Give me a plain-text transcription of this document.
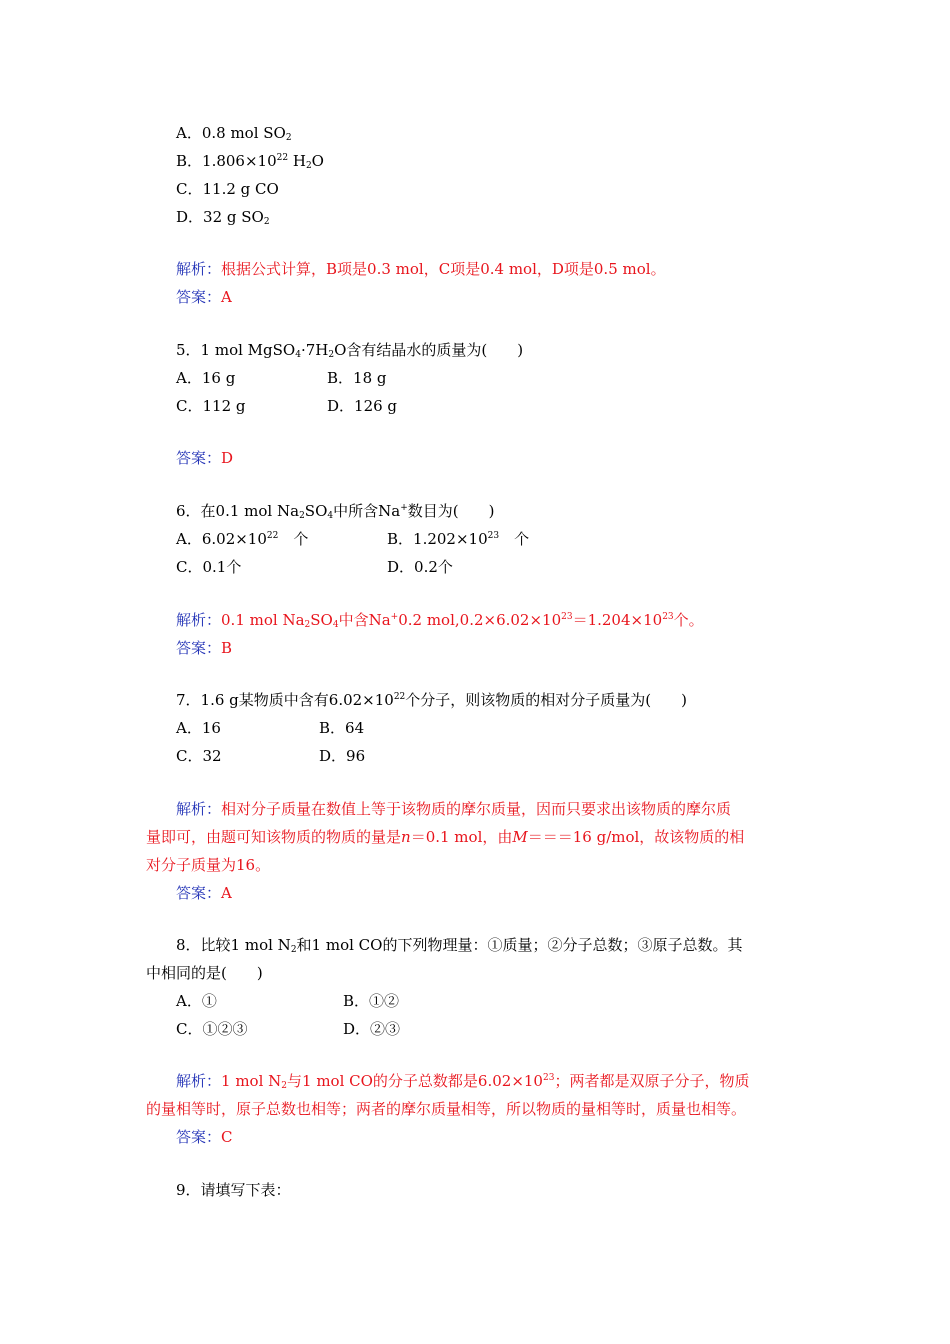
A．0.8 mol $SO_2$
B．$1.806\times 10^{22}$ $H_2O$
C．11.2 g CO
D．32 g $SO_2$
解析：根据公式计算，B项是0.3 mol，C项是0.4 mol，D项是0.5 mol。
答案：A
5．1 mol $MgSO_4\cdot 7H_2O$含有结晶水的质量为(　　)
A．16 g	B．18 g
C．112 g	D．126 g
答案：D
6．在0.1 mol $Na_2SO_4$中所含Na+数目为(　　)
A．$6.02\times 10^{22}$　个	B．$1.202\times 10^{23}$　个
C．0.1个	D．0.2个
解析：0.1 mol $Na_2SO_4$中含Na+0.2 $mol,0.2\times 6.02\times 10^{23}=1.204\times 10^{23}$个。
答案：B
7．1.6 g某物质中含有$6.02\times 10^{22}$个分子，则该物质的相对分子质量为(　　)
A．16	B．64
C．32	D．96
解析：相对分子质量在数值上等于该物质的摩尔质量，因而只要求出该物质的摩尔质
量即可，由题可知该物质的物质的量是n＝0.1 mol，由M＝＝＝16 g/mol，故该物质的相
对分子质量为16。
答案：A
8．比较1 mol $N_2$和1 mol CO的下列物理量：①质量；②分子总数；③原子总数。其
中相同的是(　　)
A．①	B．①②
C．①②③	D．②③
解析：1 mol $N_2$与1 mol CO的分子总数都是$6.02\times 10^{23}$；两者都是双原子分子，物质
的量相等时，原子总数也相等；两者的摩尔质量相等，所以物质的量相等时，质量也相等。
答案：C
9．请填写下表：
